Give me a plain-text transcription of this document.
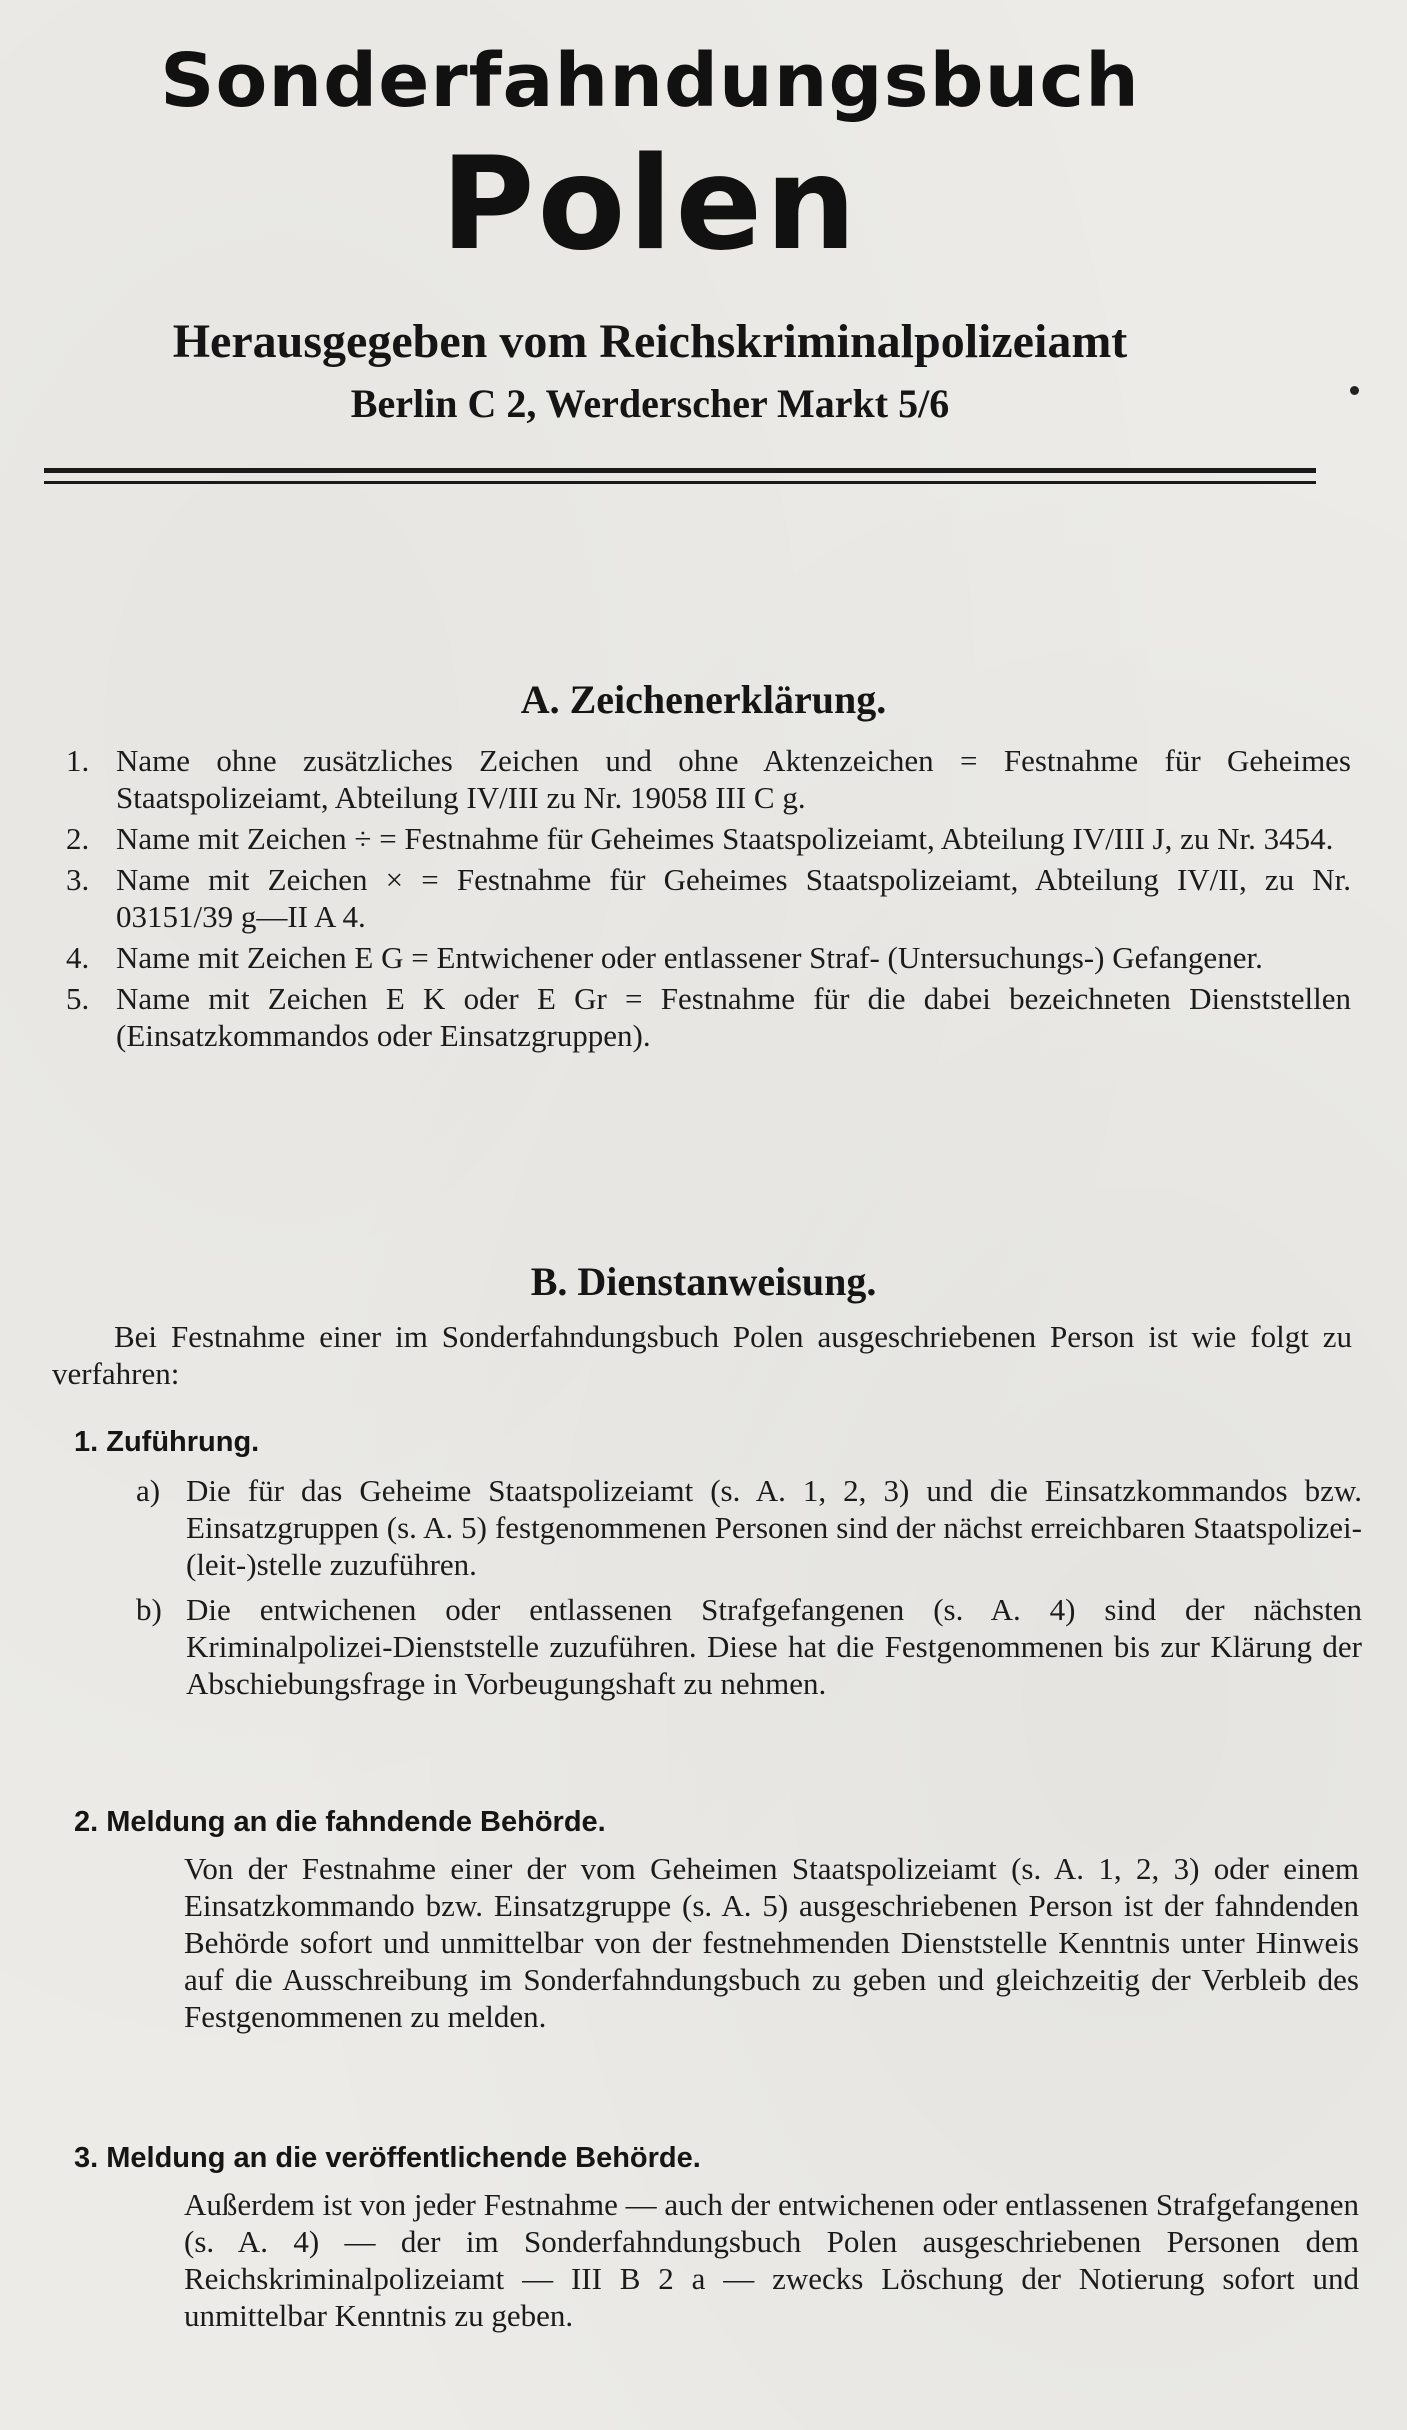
Sonderfahndungsbuch
Polen

Herausgegeben vom Reichskriminalpolizeiamt

Berlin C 2, Werderscher Markt 5/6

A. Zeichenerklärung.
1. Name ohne zusätzliches Zeichen und ohne Aktenzeichen = Festnahme für Geheimes Staatspolizeiamt, Abteilung IV/III zu Nr. 19058 III C g.
2. Name mit Zeichen ÷ = Festnahme für Geheimes Staatspolizeiamt, Abteilung IV/III J, zu Nr. 3454.
3. Name mit Zeichen × = Festnahme für Geheimes Staatspolizeiamt, Abteilung IV/II, zu Nr. 03151/39 g—II A 4.
4. Name mit Zeichen E G = Entwichener oder entlassener Straf- (Untersuchungs-) Gefangener.
5. Name mit Zeichen E K oder E Gr = Festnahme für die dabei bezeichneten Dienststellen (Einsatzkommandos oder Einsatzgruppen).
B. Dienstanweisung.

Bei Festnahme einer im Sonderfahndungsbuch Polen ausgeschriebenen Person ist wie folgt zu verfahren:

1. Zuführung.
a) Die für das Geheime Staatspolizeiamt (s. A. 1, 2, 3) und die Einsatzkommandos bzw. Einsatzgruppen (s. A. 5) festgenommenen Personen sind der nächst erreichbaren Staatspolizei-(leit-)stelle zuzuführen.
b) Die entwichenen oder entlassenen Strafgefangenen (s. A. 4) sind der nächsten Kriminalpolizei-Dienststelle zuzuführen. Diese hat die Festgenommenen bis zur Klärung der Abschiebungsfrage in Vorbeugungshaft zu nehmen.
2. Meldung an die fahndende Behörde.

Von der Festnahme einer der vom Geheimen Staatspolizeiamt (s. A. 1, 2, 3) oder einem Einsatzkommando bzw. Einsatzgruppe (s. A. 5) ausgeschriebenen Person ist der fahndenden Behörde sofort und unmittelbar von der festnehmenden Dienststelle Kenntnis unter Hinweis auf die Ausschreibung im Sonderfahndungsbuch zu geben und gleichzeitig der Verbleib des Festgenommenen zu melden.

3. Meldung an die veröffentlichende Behörde.

Außerdem ist von jeder Festnahme — auch der entwichenen oder entlassenen Strafgefangenen (s. A. 4) — der im Sonderfahndungsbuch Polen ausgeschriebenen Personen dem Reichskriminalpolizeiamt — III B 2 a — zwecks Löschung der Notierung sofort und unmittelbar Kenntnis zu geben.
